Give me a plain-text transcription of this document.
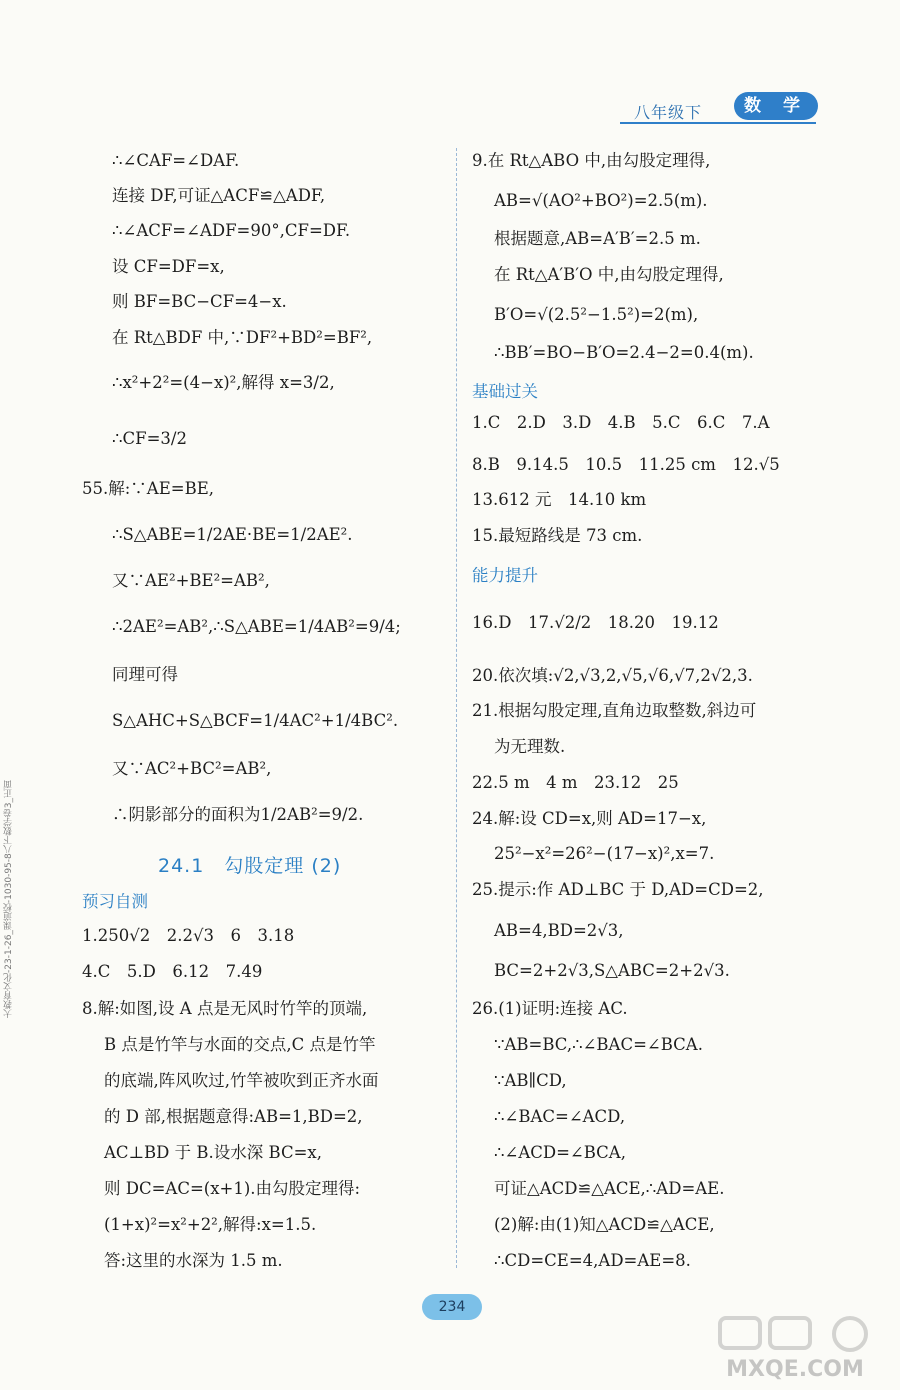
八年级下	数 学
∴∠CAF=∠DAF.
连接 DF,可证△ACF≌△ADF,
∴∠ACF=∠ADF=90°,CF=DF.
设 CF=DF=x,
则 BF=BC−CF=4−x.
在 Rt△BDF 中,∵DF²+BD²=BF²,
∴x²+2²=(4−x)²,解得 x=3/2,
∴CF=3/2
55.解:∵AE=BE,
∴S△ABE=1/2AE·BE=1/2AE².
又∵AE²+BE²=AB²,
∴2AE²=AB²,∴S△ABE=1/4AB²=9/4;
同理可得
S△AHC+S△BCF=1/4AC²+1/4BC².
又∵AC²+BC²=AB²,
∴阴影部分的面积为1/2AB²=9/2.
24.1　勾股定理 (2)
预习自测
1.250√2　2.2√3　6　3.18
4.C　5.D　6.12　7.49
8.解:如图,设 A 点是无风时竹竿的顶端,
B 点是竹竿与水面的交点,C 点是竹竿
的底端,阵风吹过,竹竿被吹到正齐水面
的 D 部,根据题意得:AB=1,BD=2,
AC⊥BD 于 B.设水深 BC=x,
则 DC=AC=(x+1).由勾股定理得:
(1+x)²=x²+2²,解得:x=1.5.
答:这里的水深为 1.5 m.
9.在 Rt△ABO 中,由勾股定理得,
AB=√(AO²+BO²)=2.5(m).
根据题意,AB=A′B′=2.5 m.
在 Rt△A′B′O 中,由勾股定理得,
B′O=√(2.5²−1.5²)=2(m),
∴BB′=BO−B′O=2.4−2=0.4(m).
基础过关
1.C　2.D　3.D　4.B　5.C　6.C　7.A
8.B　9.14.5　10.5　11.25 cm　12.√5
13.612 元　14.10 km
15.最短路线是 73 cm.
能力提升
16.D　17.√2/2　18.20　19.12
20.依次填:√2,√3,2,√5,√6,√7,2√2,3.
21.根据勾股定理,直角边取整数,斜边可
为无理数.
22.5 m　4 m　23.12　25
24.解:设 CD=x,则 AD=17−x,
25²−x²=26²−(17−x)²,x=7.
25.提示:作 AD⊥BC 于 D,AD=CD=2,
AB=4,BD=2√3,
BC=2+2√3,S△ABC=2+2√3.
26.(1)证明:连接 AC.
∵AB=BC,∴∠BAC=∠BCA.
∵AB∥CD,
∴∠BAC=∠ACD,
∴∠ACD=∠BCA,
可证△ACD≌△ACE,∴AD=AE.
(2)解:由(1)知△ACD≌△ACE,
∴CD=CE=4,AD=AE=8.
234
大教育文化-23-1-26_课道校-1030-95-8八下数学卷3_正面
MXQE.COM
